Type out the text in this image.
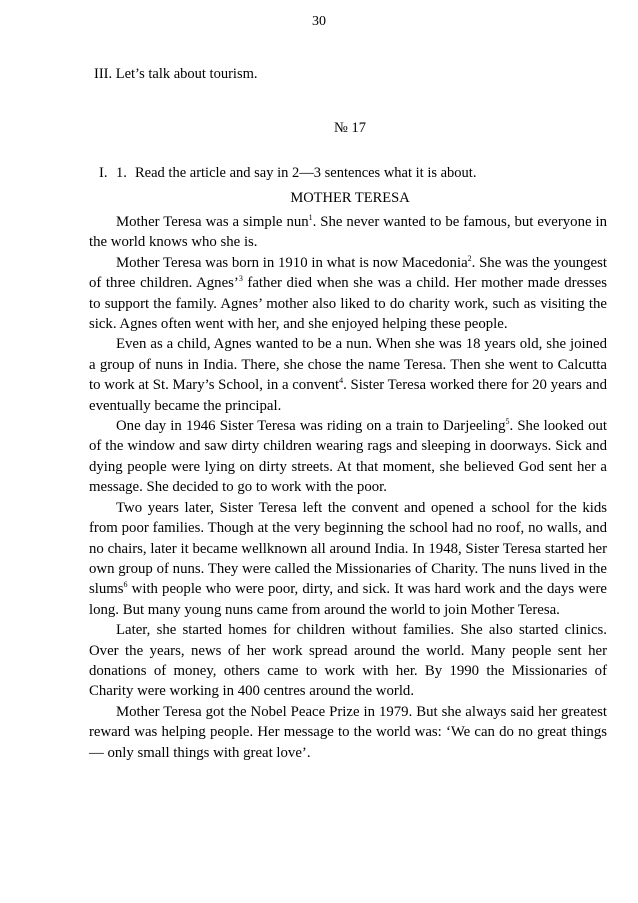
30
III. Let’s talk about tourism.
№ 17
I. 1. Read the article and say in 2—3 sentences what it is about.
MOTHER TERESA

Mother Teresa was a simple nun$^1$. She never wanted to be famous, but everyone in the world knows who she is.

Mother Teresa was born in 1910 in what is now Macedonia$^2$. She was the youngest of three children. Agnes’$^3$ father died when she was a child. Her mother made dresses to support the family. Agnes’ mother also liked to do charity work, such as visiting the sick. Agnes often went with her, and she enjoyed helping these people.

Even as a child, Agnes wanted to be a nun. When she was 18 years old, she joined a group of nuns in India. There, she chose the name Teresa. Then she went to Calcutta to work at St. Mary’s School, in a convent$^4$. Sister Teresa worked there for 20 years and eventually became the principal.

One day in 1946 Sister Teresa was riding on a train to Darjeeling$^5$. She looked out of the window and saw dirty children wearing rags and sleeping in doorways. Sick and dying people were lying on dirty streets. At that moment, she believed God sent her a message. She decided to go to work with the poor.

Two years later, Sister Teresa left the convent and opened a school for the kids from poor families. Though at the very beginning the school had no roof, no walls, and no chairs, later it became wellknown all around India. In 1948, Sister Teresa started her own group of nuns. They were called the Missionaries of Charity. The nuns lived in the slums$^6$ with people who were poor, dirty, and sick. It was hard work and the days were long. But many young nuns came from around the world to join Mother Teresa.

Later, she started homes for children without families. She also started clinics. Over the years, news of her work spread around the world. Many people sent her donations of money, others came to work with her. By 1990 the Missionaries of Charity were working in 400 centres around the world.

Mother Teresa got the Nobel Peace Prize in 1979. But she always said her greatest reward was helping people. Her message to the world was: ‘We can do no great things — only small things with great love’.
